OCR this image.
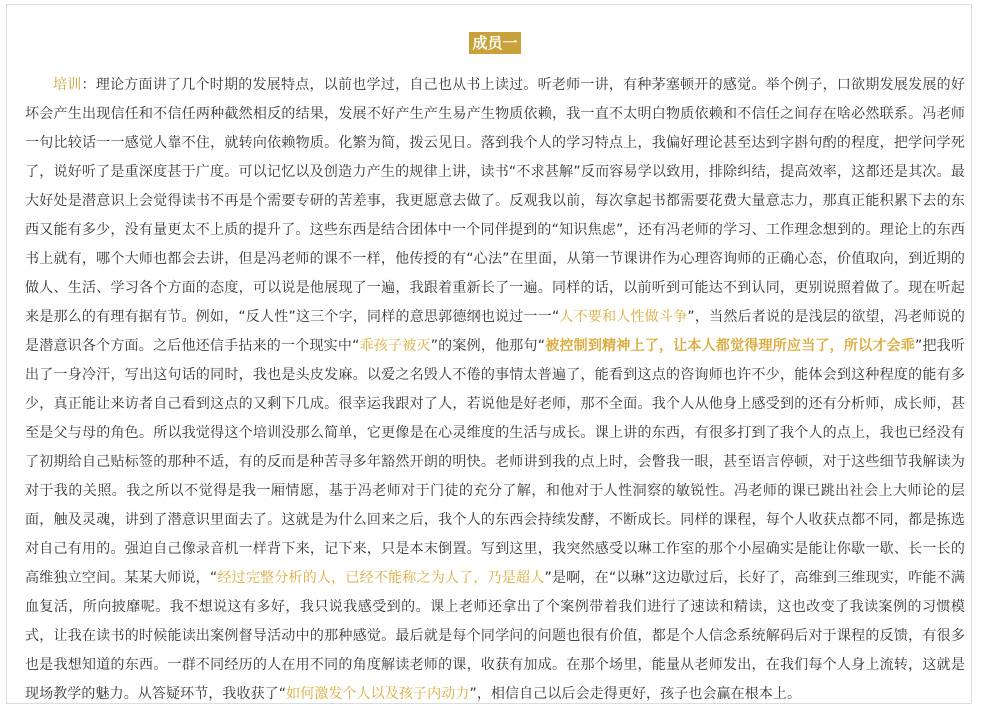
成员一

培训：理论方面讲了几个时期的发展特点，以前也学过，自己也从书上读过。听老师一讲，有种茅塞顿开的感觉。举个例子，口欲期发展发展的好坏会产生出现信任和不信任两种截然相反的结果，发展不好产生产生易产生物质依赖，我一直不太明白物质依赖和不信任之间存在啥必然联系。冯老师一句比较话一一感觉人靠不住，就转向依赖物质。化繁为简，拨云见日。落到我个人的学习特点上，我偏好理论甚至达到字斟句酌的程度，把学问学死了，说好听了是重深度甚于广度。可以记忆以及创造力产生的规律上讲，读书“不求甚解”反而容易学以致用，排除纠结，提高效率，这都还是其次。最大好处是潜意识上会觉得读书不再是个需要专研的苦差事，我更愿意去做了。反观我以前，每次拿起书都需要花费大量意志力，那真正能积累下去的东西又能有多少，没有量更太不上质的提升了。这些东西是结合团体中一个同伴提到的“知识焦虑”，还有冯老师的学习、工作理念想到的。理论上的东西书上就有，哪个大师也都会去讲，但是冯老师的课不一样，他传授的有“心法”在里面，从第一节课讲作为心理咨询师的正确心态，价值取向，到近期的做人、生活、学习各个方面的态度，可以说是他展现了一遍，我跟着重新长了一遍。同样的话，以前听到可能达不到认同，更别说照着做了。现在听起来是那么的有理有据有节。例如，“反人性”这三个字，同样的意思郭德纲也说过一一“人不要和人性做斗争”，当然后者说的是浅层的欲望，冯老师说的是潜意识各个方面。之后他还信手拈来的一个现实中“乖孩子被灭”的案例，他那句“被控制到精神上了，让本人都觉得理所应当了，所以才会乖”把我听出了一身冷汗，写出这句话的同时，我也是头皮发麻。以爱之名毁人不倦的事情太普遍了，能看到这点的咨询师也许不少，能体会到这种程度的能有多少，真正能让来访者自己看到这点的又剩下几成。很幸运我跟对了人，若说他是好老师，那不全面。我个人从他身上感受到的还有分析师，成长师，甚至是父与母的角色。所以我觉得这个培训没那么简单，它更像是在心灵维度的生活与成长。课上讲的东西，有很多打到了我个人的点上，我也已经没有了初期给自己贴标签的那种不适，有的反而是种苦寻多年豁然开朗的明快。老师讲到我的点上时，会瞥我一眼，甚至语言停顿，对于这些细节我解读为对于我的关照。我之所以不觉得是我一厢情愿，基于冯老师对于门徒的充分了解，和他对于人性洞察的敏锐性。冯老师的课已跳出社会上大师论的层面，触及灵魂，讲到了潜意识里面去了。这就是为什么回来之后，我个人的东西会持续发酵，不断成长。同样的课程，每个人收获点都不同，都是拣选对自己有用的。强迫自己像录音机一样背下来，记下来，只是本末倒置。写到这里，我突然感受以琳工作室的那个小屋确实是能让你歇一歇、长一长的高维独立空间。某某大师说，“经过完整分析的人，已经不能称之为人了，乃是超人”是啊，在“以琳”这边歇过后，长好了，高维到三维现实，咋能不满血复活，所向披靡呢。我不想说这有多好，我只说我感受到的。课上老师还拿出了个案例带着我们进行了速读和精读，这也改变了我读案例的习惯模式，让我在读书的时候能读出案例督导活动中的那种感觉。最后就是每个同学问的问题也很有价值，都是个人信念系统解码后对于课程的反馈，有很多也是我想知道的东西。一群不同经历的人在用不同的角度解读老师的课，收获有加成。在那个场里，能量从老师发出，在我们每个人身上流转，这就是现场教学的魅力。从答疑环节，我收获了“如何激发个人以及孩子内动力”，相信自己以后会走得更好，孩子也会赢在根本上。
